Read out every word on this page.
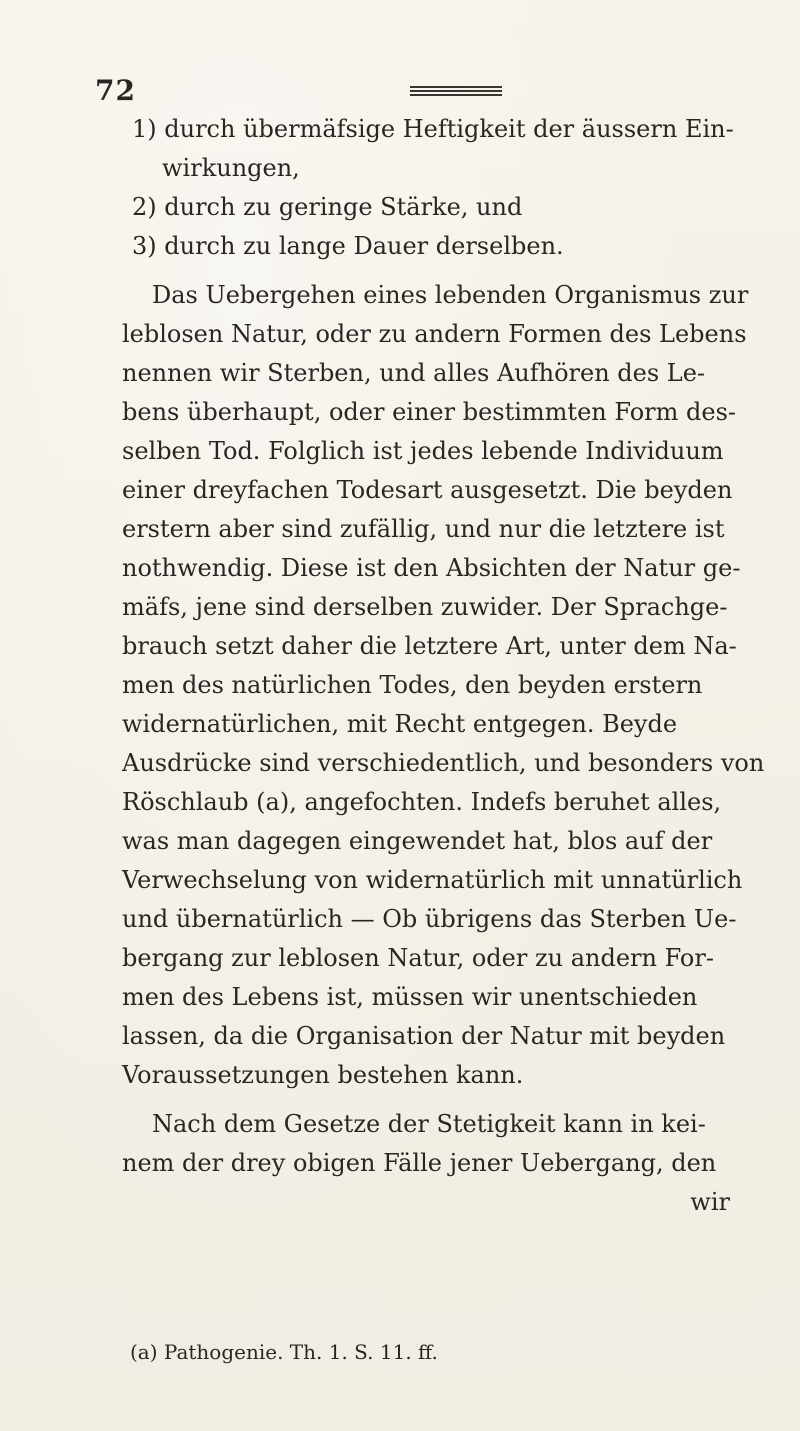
72
1) durch übermäfsige Heftigkeit der äussern Ein-
wirkungen,
2) durch zu geringe Stärke, und
3) durch zu lange Dauer derselben.
Das Uebergehen eines lebenden Organismus zur
leblosen Natur, oder zu andern Formen des Lebens
nennen wir Sterben, und alles Aufhören des Le-
bens überhaupt, oder einer bestimmten Form des-
selben Tod. Folglich ist jedes lebende Individuum
einer dreyfachen Todesart ausgesetzt. Die beyden
erstern aber sind zufällig, und nur die letztere ist
nothwendig. Diese ist den Absichten der Natur ge-
mäfs, jene sind derselben zuwider. Der Sprachge-
brauch setzt daher die letztere Art, unter dem Na-
men des natürlichen Todes, den beyden erstern
widernatürlichen, mit Recht entgegen. Beyde
Ausdrücke sind verschiedentlich, und besonders von
Röschlaub (a), angefochten. Indefs beruhet alles,
was man dagegen eingewendet hat, blos auf der
Verwechselung von widernatürlich mit unnatürlich
und übernatürlich — Ob übrigens das Sterben Ue-
bergang zur leblosen Natur, oder zu andern For-
men des Lebens ist, müssen wir unentschieden
lassen, da die Organisation der Natur mit beyden
Voraussetzungen bestehen kann.
Nach dem Gesetze der Stetigkeit kann in kei-
nem der drey obigen Fälle jener Uebergang, den
wir
(a) Pathogenie. Th. 1. S. 11. ff.
